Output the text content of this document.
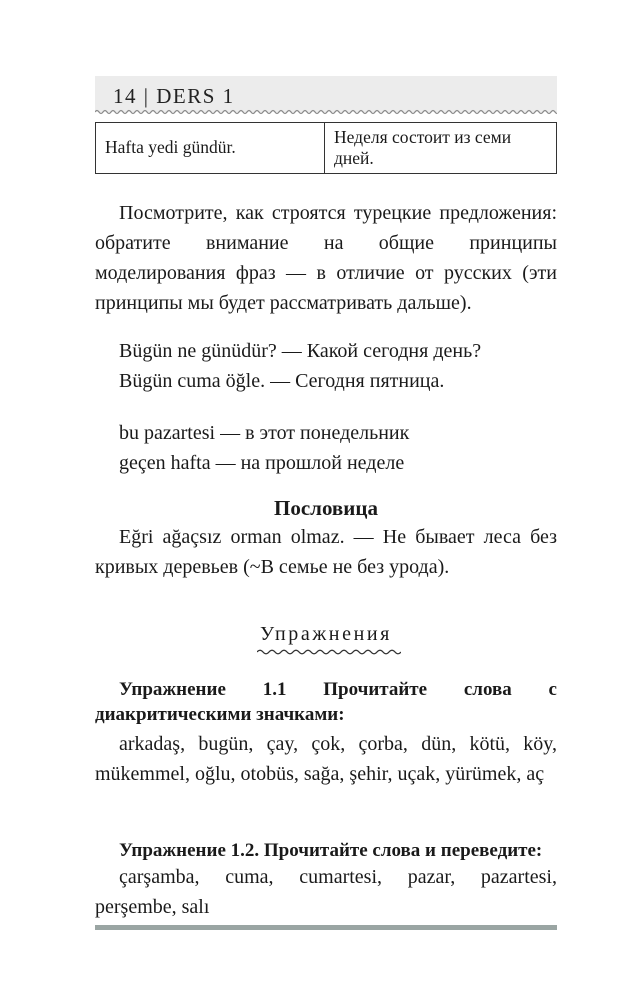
14 | DERS 1
Hafta yedi gündür.	Неделя состоит из семи дней.

Посмотрите, как строятся турецкие предложения: обратите внимание на общие принципы моделирования фраз — в отличие от русских (эти принципы мы будет рассматривать дальше).

Bügün ne günüdür? — Какой сегодня день?
Bügün cuma öğle. — Сегодня пятница.
bu pazartesi — в этот понедельник
geçen hafta — на прошлой неделе
Пословица

Eğri ağaçsız orman olmaz. — Не бывает леса без кривых деревьев (~В семье не без урода).

Упражнения

Упражнение 1.1 Прочитайте слова с диакритическими значками:

arkadaş, bugün, çay, çok, çorba, dün, kötü, köy, mükemmel, oğlu, otobüs, sağa, şehir, uçak, yürümek, aç

Упражнение 1.2. Прочитайте слова и переведите:

çarşamba, cuma, cumartesi, pazar, pazartesi, perşembe, salı
